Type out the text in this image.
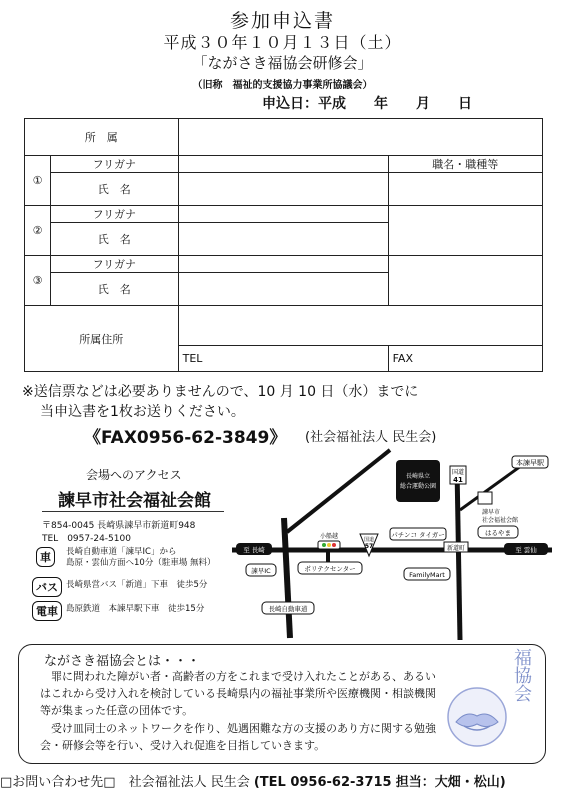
参加申込書
平成３０年１０月１３日（土）
「ながさき福協会研修会」
（旧称　福祉的支援協力事業所協議会）
申込日：平成　　年　　月　　日
所　属			
①	フリガナ		職名・職種等
	氏　名		
②	フリガナ		
	氏　名		
③	フリガナ		
	氏　名		
所属住所			
		TEL	FAX
※送信票などは必要ありませんので、10 月 10 日（水）までに
当申込書を1枚お送りください。
《FAX0956-62-3849》 (社会福祉法人 民生会)
会場へのアクセス
諫早市社会福祉会館
〒854-0045 長崎県諫早市新道町948
TEL　0957-24-5100
車	長崎自動車道「諫早IC」から
島原・雲仙方面へ10分（駐車場 無料）
バス 長崎県営バス「新道」下車　徒歩5分
電車 島原鉄道　本諫早駅下車　徒歩15分
長崎県立
総合運動公園
国道
41
本諫早駅
諫早市
社会福祉会館
小船越	国道
57
パチンコ タイガー
新道町
はるやま
至 長崎	至 雲仙
諫早IC	ポリテクセンター
FamilyMart
長崎自動車道
ながさき福協会とは・・・
罪に問われた障がい者・高齢者の方をこれまで受け入れたことがある、あるいはこれから受け入れを検討している長崎県内の福祉事業所や医療機関・相談機関等が集まった任意の団体です。
受け皿同士のネットワークを作り、処遇困難な方の支援のあり方に関する勉強会・研修会等を行い、受け入れ促進を目指していきます。
福協会
□お問い合わせ先□　社会福祉法人 民生会 (TEL 0956-62-3715 担当：大畑・松山)
